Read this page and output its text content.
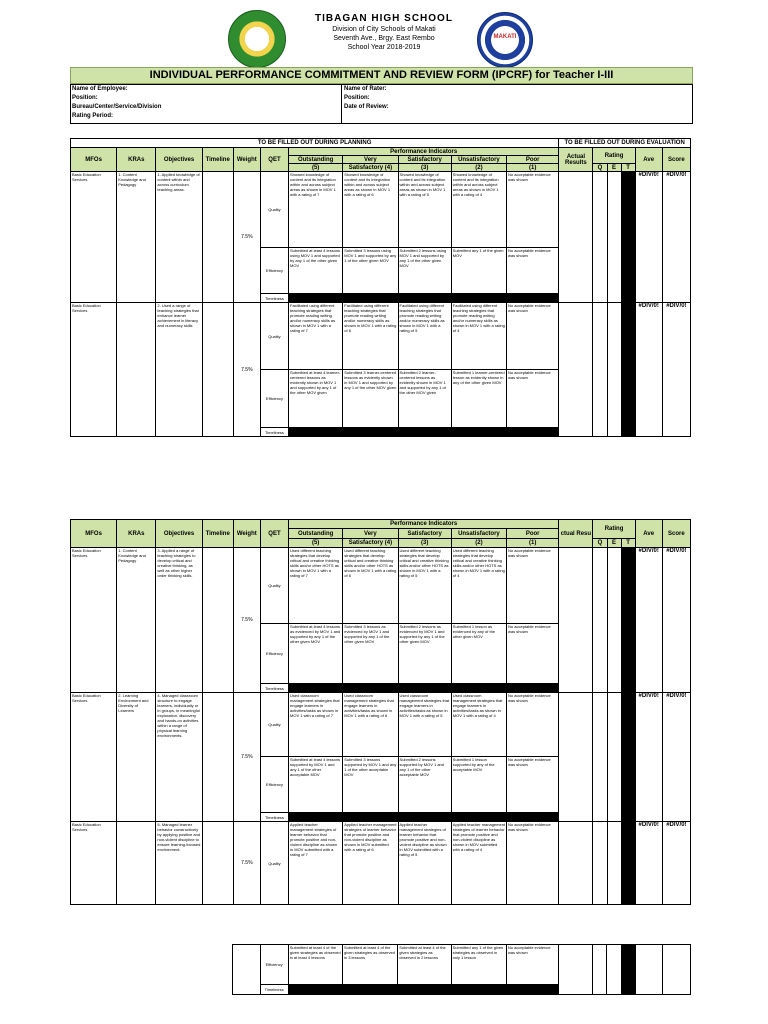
MAKATI
TIBAGAN HIGH SCHOOL
Division of City Schools of Makati
Seventh Ave., Brgy. East Rembo
School Year 2018-2019
INDIVIDUAL PERFORMANCE COMMITMENT AND REVIEW FORM (IPCRF) for Teacher I-III
Name of Employee:
Position:
Bureau/Center/Service/Division
Rating Period:
Name of Rater:
Position:
Date of Review:
TO BE FILLED OUT DURING PLANNING											TO BE FILLED OUT DURING EVALUATION					
MFOs	KRAs	Objectives	Timeline	Weight	QET	Performance Indicators					Actual Results	Rating			Ave	Score
						Outstanding	Very	Satisfactory	Unsatisfactory	Poor						
						(5)	Satisfactory (4)	(3)	(2)	(1)		Q	E	T		
Basic Education Services	1. Content Knowledge and Pedagogy	1. Applied knowledge of content within and across curriculum teaching areas.		7.5%	Quality	Showed knowledge of content and its integration within and across subject areas as shown in MOV 1 with a rating of 7	Showed knowledge of content and its integration within and across subject areas as shown in MOV 1 with a rating of 6	Showed knowledge of content and its integration within and across subject areas as shown in MOV 1 with a rating of 5	Showed knowledge of content and its integration within and across subject areas as shown in MOV 1 with a rating of 4	No acceptable evidence was shown					#DIV/0!	#DIV/0!
					Efficiency	Submitted at least 4 lessons using MOV 1 and supported by any 1 of the other given MOV	Submitted 3 lessons using MOV 1 and supported by any 1 of the other given MOV	Submitted 2 lessons using MOV 1 and supported by any 1 of the other given MOV	Submitted any 1 of the given MOV	No acceptable evidence was shown						
					Timeliness											
Basic Education Services		2. Used a range of teaching strategies that enhance learner achievement in literacy and numeracy skills		7.5%	Quality	Facilitated using different teaching strategies that promote reading writing and/or numeracy skills as shown in MOV 1 with a rating of 7	Facilitated using different teaching strategies that promote reading writing and/or numeracy skills as shown in MOV 1 with a rating of 6	Facilitated using different teaching strategies that promote reading writing and/or numeracy skills as shown in MOV 1 with a rating of 5	Facilitated using different teaching strategies that promote reading writing and/or numeracy skills as shown in MOV 1 with a rating of 4	No acceptable evidence was shown					#DIV/0!	#DIV/0!
					Efficiency	Submitted at least 4 learner-centered lessons as evidently shown in MOV 1 and supported by any 1 of the other MOV given	Submitted 3 learner-centered lessons as evidently shown in MOV 1 and supported by any 1 of the other MOV given	Submitted 2 learner-centered lessons as evidently shown in MOV 1 and supported by any 1 of the other MOV given	Submitted 1 learner-centered lesson as evidently shown in any of the other given MOV	No acceptable evidence was shown						
					Timeliness											
MFOs	KRAs	Objectives	Timeline	Weight	QET	Performance Indicators					ctual Resu	Rating			Ave	Score
						Outstanding	Very	Satisfactory	Unsatisfactory	Poor						
						(5)	Satisfactory (4)	(3)	(2)	(1)		Q	E	T		
Basic Education Services	1. Content Knowledge and Pedagogy	3. Applied a range of teaching strategies to develop critical and creative thinking, as well as other higher order thinking skills.		7.5%	Quality	Used different teaching strategies that develop critical and creative thinking skills and/or other HOTS as shown in MOV 1 with a rating of 7	Used different teaching strategies that develop critical and creative thinking skills and/or other HOTS as shown in MOV 1 with a rating of 6	Used different teaching strategies that develop critical and creative thinking skills and/or other HOTS as shown in MOV 1 with a rating of 5	Used different teaching strategies that develop critical and creative thinking skills and/or other HOTS as shown in MOV 1 with a rating of 4	No acceptable evidence was shown					#DIV/0!	#DIV/0!
					Efficiency	Submitted at least 4 lessons as evidenced by MOV 1 and supported by any 1 of the other given MOV	Submitted 3 lessons as evidenced by MOV 1 and supported by any 1 of the other given MOV	Submitted 2 lessons as evidenced by MOV 1 and supported by any 1 of the other given MOV	Submitted 1 lesson as evidenced by any of the other given MOV	No acceptable evidence was shown						
					Timeliness											
Basic Education Services	2. Learning Environment and Diversity of Learners	4. Managed classroom structure to engage learners, individually or in groups, in meaningful exploration, discovery and hands-on activities within a range of physical learning environments.		7.5%	Quality	Used classroom management strategies that engage learners in activities/tasks as shown in MOV 1 with a rating of 7	Used classroom management strategies that engage learners in activities/tasks as shown in MOV 1 with a rating of 6	Used classroom management strategies that engage learners in activities/tasks as shown in MOV 1 with a rating of 5	Used classroom management strategies that engage learners in activities/tasks as shown in MOV 1 with a rating of 4	No acceptable evidence was shown					#DIV/0!	#DIV/0!
					Efficiency	Submitted at least 4 lessons supported by MOV 1 and any 1 of the other acceptable MOV	Submitted 3 lessons supported by MOV 1 and any 1 of the other acceptable MOV	Submitted 2 lessons supported by MOV 1 and any 1 of the other acceptable MOV	Submitted 1 lesson supported by any of the acceptable MOV	No acceptable evidence was shown						
					Timeliness											
Basic Education Services		5. Managed learner behavior constructively by applying positive and non-violent discipline to ensure learning-focused environment.		7.5%	Quality	Applied teacher management strategies of learner behavior that promote positive and non-violent discipline as shown in MOV submitted with a rating of 7	Applied teacher management strategies of learner behavior that promote positive and non-violent discipline as shown in MOV submitted with a rating of 6	Applied teacher management strategies of learner behavior that promote positive and non-violent discipline as shown in MOV submitted with a rating of 5	Applied teacher management strategies of learner behavior that promote positive and non-violent discipline as shown in MOV submitted with a rating of 4	No acceptable evidence was shown					#DIV/0!	#DIV/0!
					Efficiency	Submitted at least 4 of the given strategies as observed in at least 4 lessons	Submitted at least 4 of the given strategies as observed in 3 lessons	Submitted at least 4 of the given strategies as observed in 2 lessons	Submitted any 1 of the given strategies as observed in only 1 lesson	No acceptable evidence was shown						
					Timeliness											
